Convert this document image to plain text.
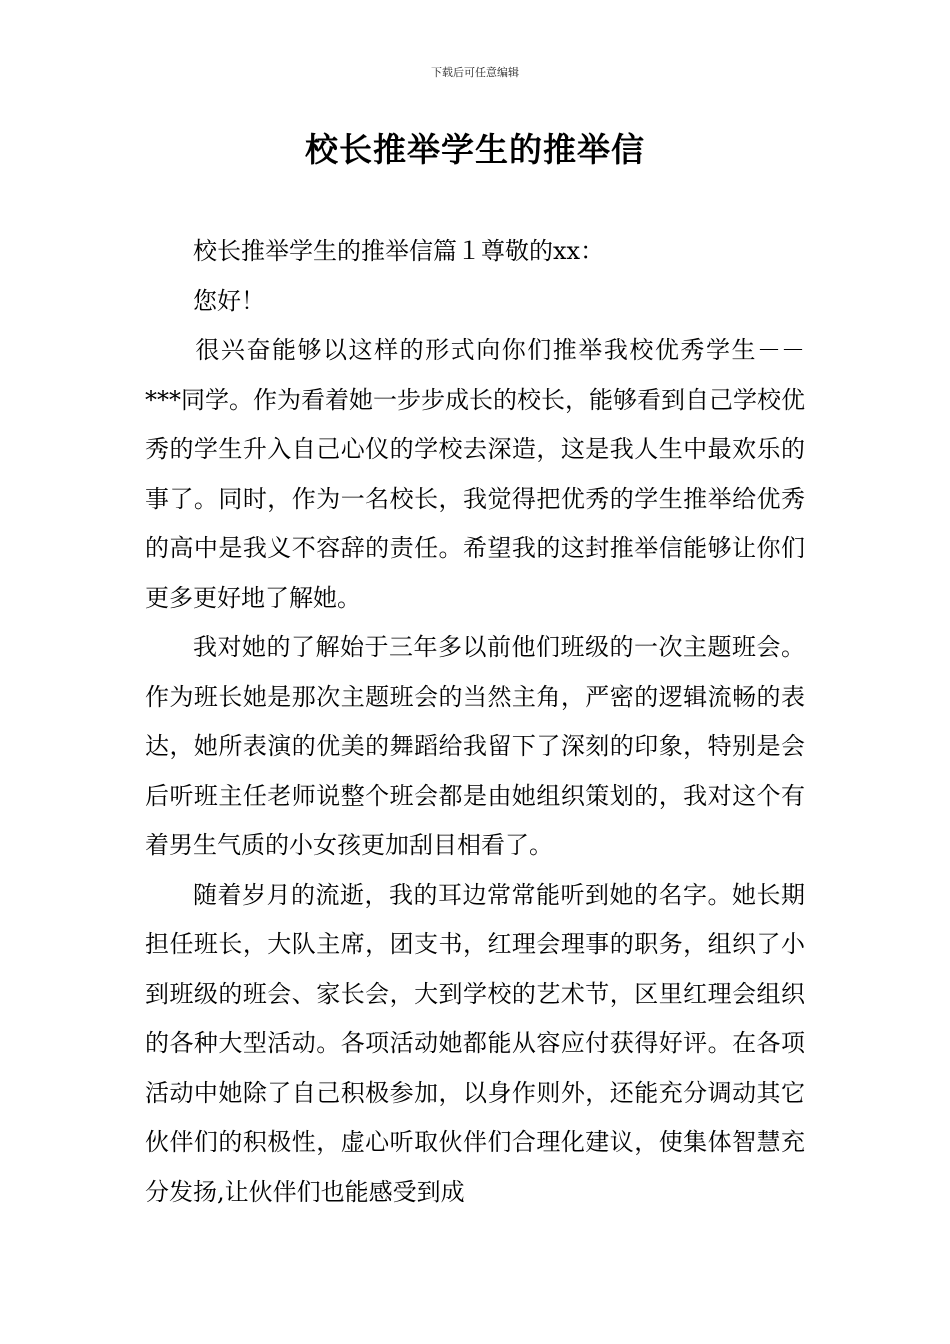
下载后可任意编辑
校长推举学生的推举信

校长推举学生的推举信篇１尊敬的xx：

您好！

很兴奋能够以这样的形式向你们推举我校优秀学生－－***同学。作为看着她一步步成长的校长，能够看到自己学校优秀的学生升入自己心仪的学校去深造，这是我人生中最欢乐的事了。同时，作为一名校长，我觉得把优秀的学生推举给优秀的高中是我义不容辞的责任。希望我的这封推举信能够让你们更多更好地了解她。

我对她的了解始于三年多以前他们班级的一次主题班会。作为班长她是那次主题班会的当然主角，严密的逻辑流畅的表达，她所表演的优美的舞蹈给我留下了深刻的印象，特别是会后听班主任老师说整个班会都是由她组织策划的，我对这个有着男生气质的小女孩更加刮目相看了。

随着岁月的流逝，我的耳边常常能听到她的名字。她长期担任班长，大队主席，团支书，红理会理事的职务，组织了小到班级的班会、家长会，大到学校的艺术节，区里红理会组织的各种大型活动。各项活动她都能从容应付获得好评。在各项活动中她除了自己积极参加，以身作则外，还能充分调动其它伙伴们的积极性，虚心听取伙伴们合理化建议，使集体智慧充分发扬,让伙伴们也能感受到成
